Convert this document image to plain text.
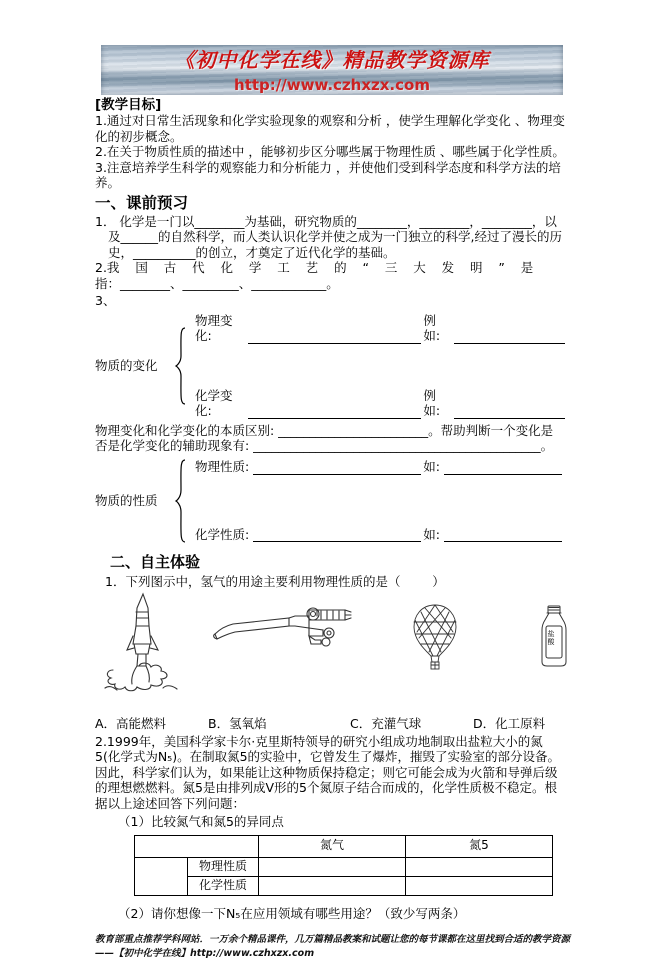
《初中化学在线》精品教学资源库
http://www.czhxzx.com
[教学目标]

1.通过对日常生活现象和化学实验现象的观察和分析 ，使学生理解化学变化 、物理变化的初步概念。

2.在关于物质性质的描述中 ，能够初步区分哪些属于物理性质 、哪些属于化学性质。

3.注意培养学生科学的观察能力和分析能力 ，并使他们受到科学态度和科学方法的培养。

一、课前预习

1． 化学是一门以________为基础，研究物质的________，________，________，以及______的自然科学，而人类认识化学并使之成为一门独立的科学,经过了漫长的历史，__________的创立，才奠定了近代化学的基础。

2.我    国    古    代    化    学    工    艺    的    “    三    大    发    明    ”    是

指：________、_________、____________。

3、

物质的变化
物理变化:
例如:
化学变化:
例如:

物理变化和化学变化的本质区别: ________________________。帮助判断一个变化是否是化学变化的辅助现象有: ______________________________________________。

物质的性质
物理性质:	如:
化学性质:	如:
二、自主体验

1．下列图示中，氢气的用途主要利用物理性质的是（        ）

盐酸
A．高能燃料	B．氢氧焰	C．充灌气球	D．化工原料

2.1999年，美国科学家卡尔·克里斯特领导的研究小组成功地制取出盐粒大小的氮5(化学式为N₅)。在制取氮5的实验中，它曾发生了爆炸，摧毁了实验室的部分设备。因此，科学家们认为，如果能让这种物质保持稳定；则它可能会成为火箭和导弹后级的理想燃燃料。氮5是由排列成V形的5个氮原子结合而成的，化学性质极不稳定。根据以上途述回答下列问题：

（1）比较氮气和氮5的异同点

		氮气	氮5
	物理性质		
	化学性质		

（2）请你想像一下N₅在应用领域有哪些用途？（致少写两条）

教育部重点推荐学科网站．一万余个精品课件，几万篇精品教案和试题让您的每节课都在这里找到合适的教学资源——【初中化学在线】http://www.czhxzx.com
